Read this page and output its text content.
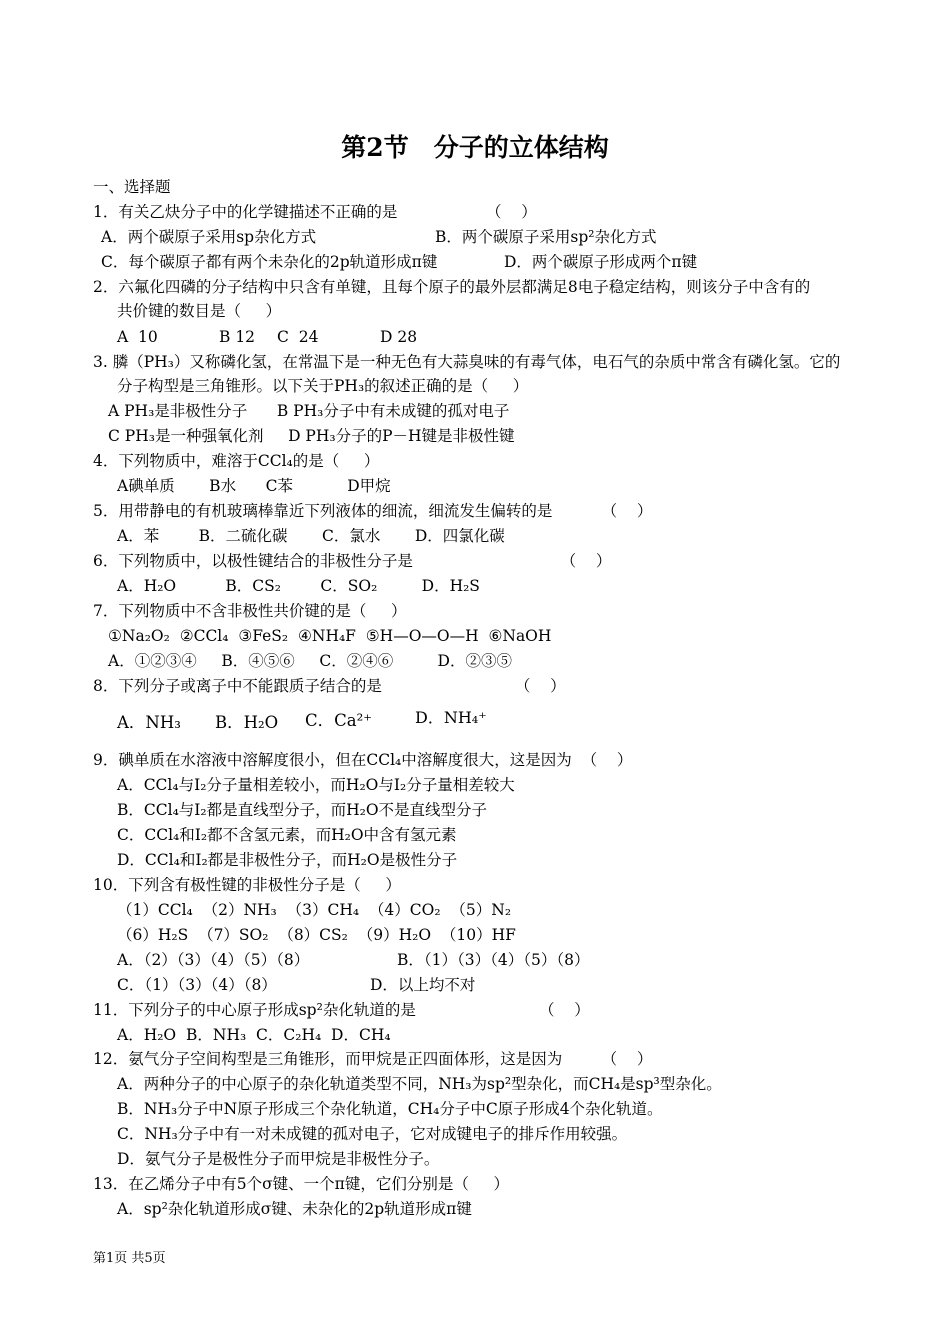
第2节　分子的立体结构
一、选择题
1．有关乙炔分子中的化学键描述不正确的是                  （    ）
A．两个碳原子采用sp杂化方式	B．两个碳原子采用sp²杂化方式
C．每个碳原子都有两个未杂化的2p轨道形成π键	D．两个碳原子形成两个π键
2．六氟化四磷的分子结构中只含有单键，且每个原子的最外层都满足8电子稳定结构，则该分子中含有的
共价键的数目是（     ）
A  10	B 12 C  24	D 28
3. 膦（PH₃）又称磷化氢，在常温下是一种无色有大蒜臭味的有毒气体，电石气的杂质中常含有磷化氢。它的
分子构型是三角锥形。以下关于PH₃的叙述正确的是（     ）
A PH₃是非极性分子      B PH₃分子中有未成键的孤对电子
C PH₃是一种强氧化剂     D PH₃分子的P－H键是非极性键
4．下列物质中，难溶于CCl₄的是（     ）
A碘单质       B水      C苯           D甲烷
5．用带静电的有机玻璃棒靠近下列液体的细流，细流发生偏转的是          （    ）
A．苯        B．二硫化碳       C．氯水       D．四氯化碳
6．下列物质中，以极性键结合的非极性分子是                              （    ）
A．H₂O          B．CS₂        C．SO₂         D．H₂S
7．下列物质中不含非极性共价键的是（     ）
①Na₂O₂  ②CCl₄  ③FeS₂  ④NH₄F  ⑤H—O—O—H  ⑥NaOH
A．①②③④     B．④⑤⑥     C．②④⑥         D．②③⑤
8．下列分子或离子中不能跟质子结合的是                           （    ）
A．NH₃ B．H₂O C．Ca²⁺	D．NH₄⁺
9．碘单质在水溶液中溶解度很小，但在CCl₄中溶解度很大，这是因为  （    ）
A．CCl₄与I₂分子量相差较小，而H₂O与I₂分子量相差较大
B．CCl₄与I₂都是直线型分子，而H₂O不是直线型分子
C．CCl₄和I₂都不含氢元素，而H₂O中含有氢元素
D．CCl₄和I₂都是非极性分子，而H₂O是极性分子
10．下列含有极性键的非极性分子是（     ）
（1）CCl₄  （2）NH₃  （3）CH₄  （4）CO₂  （5）N₂
（6）H₂S  （7）SO₂  （8）CS₂  （9）H₂O  （10）HF
A．（2）（3）（4）（5）（8）	B．（1）（3）（4）（5）（8）
C．（1）（3）（4）（8）	D．以上均不对
11．下列分子的中心原子形成sp²杂化轨道的是                         （    ）
A．H₂O  B．NH₃  C．C₂H₄  D．CH₄
12．氨气分子空间构型是三角锥形，而甲烷是正四面体形，这是因为        （    ）
A．两种分子的中心原子的杂化轨道类型不同，NH₃为sp²型杂化，而CH₄是sp³型杂化。
B．NH₃分子中N原子形成三个杂化轨道，CH₄分子中C原子形成4个杂化轨道。
C．NH₃分子中有一对未成键的孤对电子，它对成键电子的排斥作用较强。
D．氨气分子是极性分子而甲烷是非极性分子。
13．在乙烯分子中有5个σ键、一个π键，它们分别是（     ）
A．sp²杂化轨道形成σ键、未杂化的2p轨道形成π键
第1页 共5页
